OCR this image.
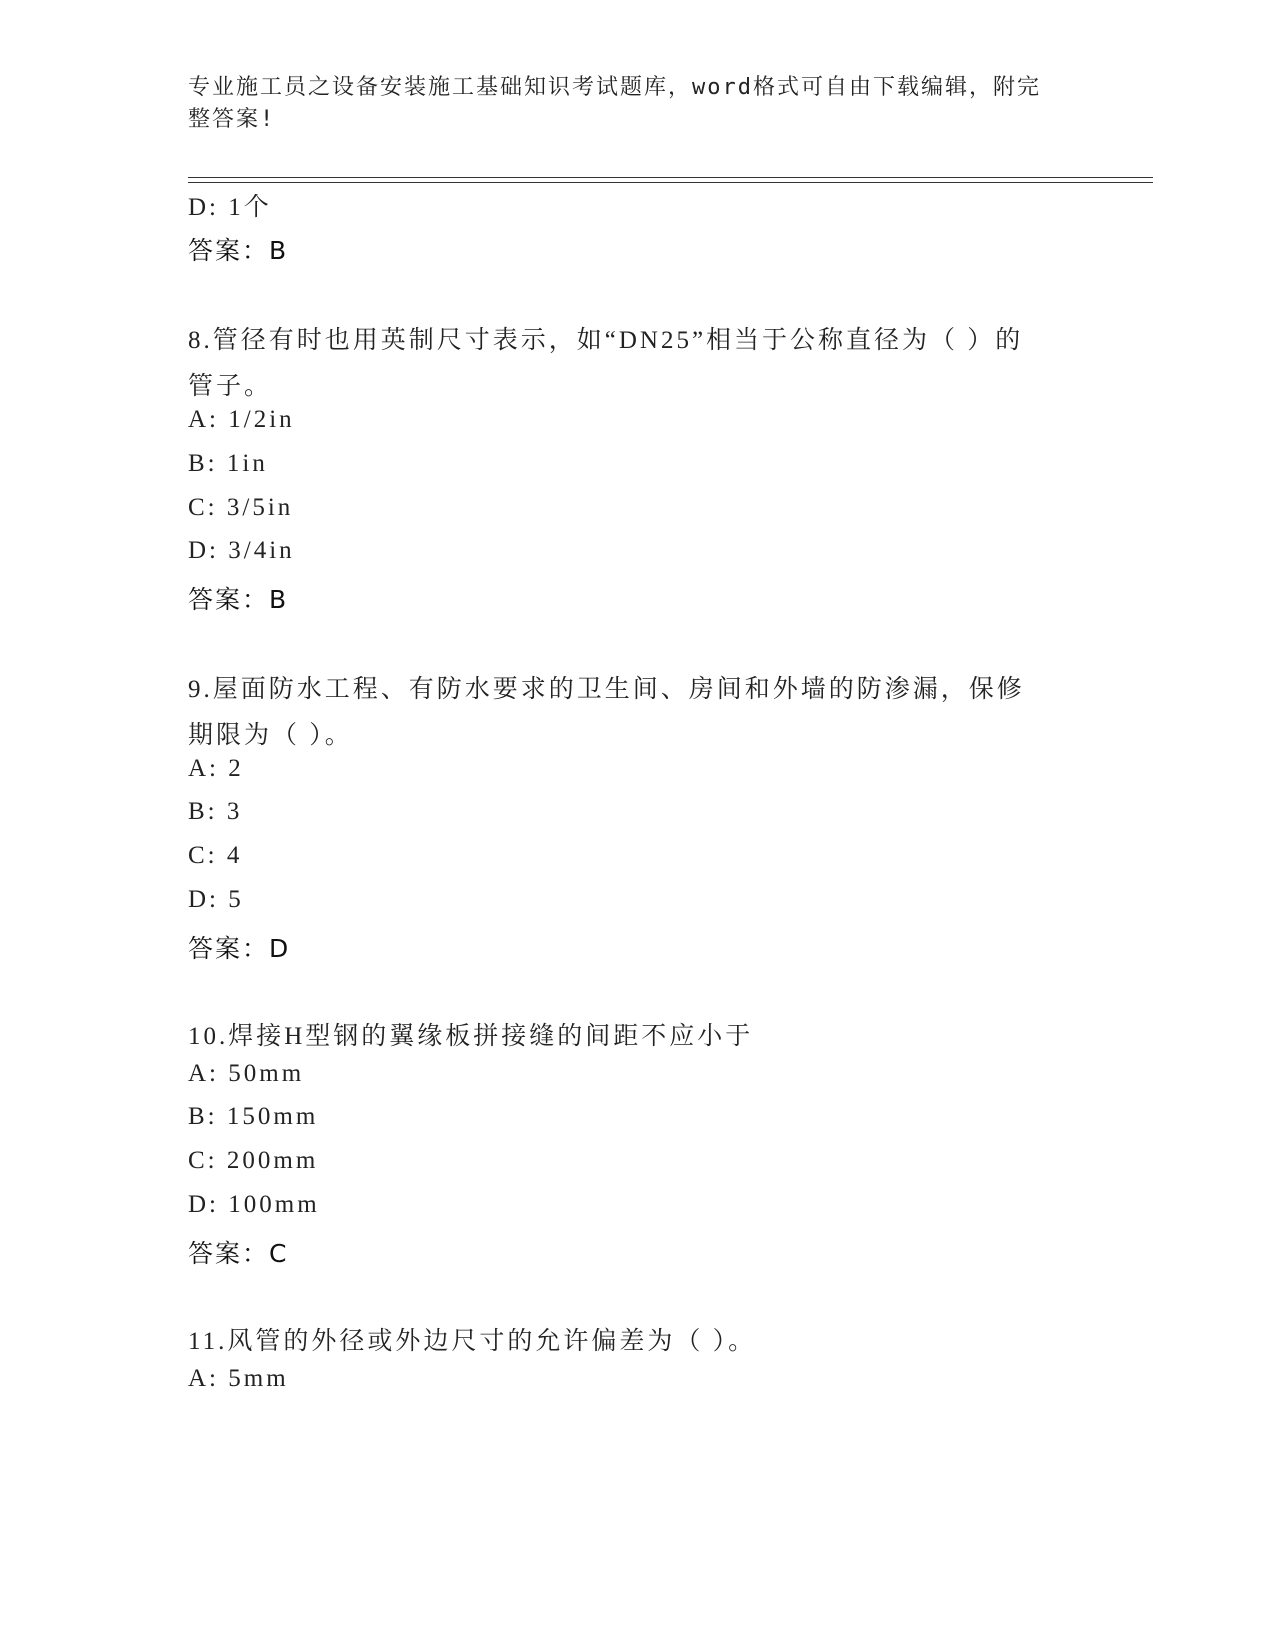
专业施工员之设备安装施工基础知识考试题库，word格式可自由下载编辑，附完
整答案!
D: 1个
答案：B
8.管径有时也用英制尺寸表示，如“DN25”相当于公称直径为（ ）的
管子。
A: 1/2in
B: 1in
C: 3/5in
D: 3/4in
答案：B
9.屋面防水工程、有防水要求的卫生间、房间和外墙的防渗漏，保修
期限为（ ）。
A: 2
B: 3
C: 4
D: 5
答案：D
10.焊接H型钢的翼缘板拼接缝的间距不应小于
A: 50mm
B: 150mm
C: 200mm
D: 100mm
答案：C
11.风管的外径或外边尺寸的允许偏差为（ ）。
A: 5mm
